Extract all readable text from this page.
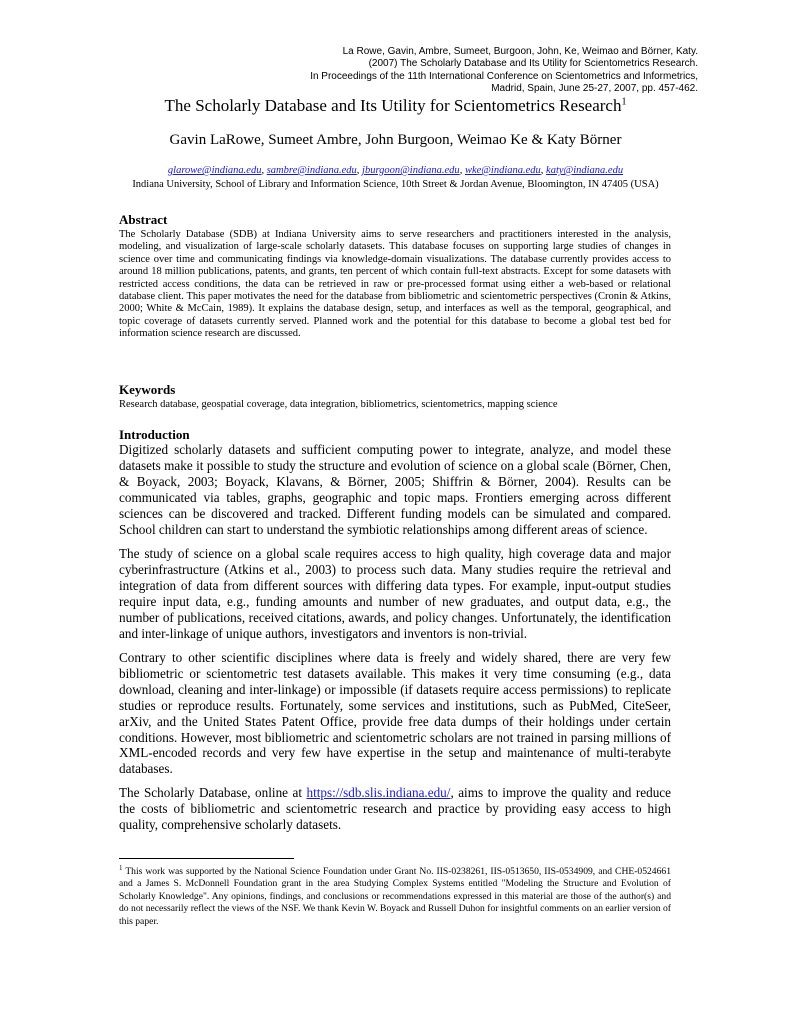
La Rowe, Gavin, Ambre, Sumeet, Burgoon, John, Ke, Weimao and Börner, Katy.
(2007) The Scholarly Database and Its Utility for Scientometrics Research.
In Proceedings of the 11th International Conference on Scientometrics and Informetrics,
Madrid, Spain, June 25-27, 2007, pp. 457-462.
The Scholarly Database and Its Utility for Scientometrics Research$^1$
Gavin LaRowe, Sumeet Ambre, John Burgoon, Weimao Ke & Katy Börner
glarowe@indiana.edu, sambre@indiana.edu, jburgoon@indiana.edu, wke@indiana.edu, katy@indiana.edu
Indiana University, School of Library and Information Science, 10th Street & Jordan Avenue, Bloomington, IN 47405 (USA)
Abstract
The Scholarly Database (SDB) at Indiana University aims to serve researchers and practitioners interested in the analysis, modeling, and visualization of large-scale scholarly datasets. This database focuses on supporting large studies of changes in science over time and communicating findings via knowledge-domain visualizations. The database currently provides access to around 18 million publications, patents, and grants, ten percent of which contain full-text abstracts. Except for some datasets with restricted access conditions, the data can be retrieved in raw or pre-processed format using either a web-based or relational database client. This paper motivates the need for the database from bibliometric and scientometric perspectives (Cronin & Atkins, 2000; White & McCain, 1989). It explains the database design, setup, and interfaces as well as the temporal, geographical, and topic coverage of datasets currently served. Planned work and the potential for this database to become a global test bed for information science research are discussed.
Keywords
Research database, geospatial coverage, data integration, bibliometrics, scientometrics, mapping science
Introduction
Digitized scholarly datasets and sufficient computing power to integrate, analyze, and model these datasets make it possible to study the structure and evolution of science on a global scale (Börner, Chen, & Boyack, 2003; Boyack, Klavans, & Börner, 2005; Shiffrin & Börner, 2004). Results can be communicated via tables, graphs, geographic and topic maps. Frontiers emerging across different sciences can be discovered and tracked. Different funding models can be simulated and compared. School children can start to understand the symbiotic relationships among different areas of science.
The study of science on a global scale requires access to high quality, high coverage data and major cyberinfrastructure (Atkins et al., 2003) to process such data. Many studies require the retrieval and integration of data from different sources with differing data types. For example, input-output studies require input data, e.g., funding amounts and number of new graduates, and output data, e.g., the number of publications, received citations, awards, and policy changes. Unfortunately, the identification and inter-linkage of unique authors, investigators and inventors is non-trivial.
Contrary to other scientific disciplines where data is freely and widely shared, there are very few bibliometric or scientometric test datasets available. This makes it very time consuming (e.g., data download, cleaning and inter-linkage) or impossible (if datasets require access permissions) to replicate studies or reproduce results. Fortunately, some services and institutions, such as PubMed, CiteSeer, arXiv, and the United States Patent Office, provide free data dumps of their holdings under certain conditions. However, most bibliometric and scientometric scholars are not trained in parsing millions of XML-encoded records and very few have expertise in the setup and maintenance of multi-terabyte databases.
The Scholarly Database, online at https://sdb.slis.indiana.edu/, aims to improve the quality and reduce the costs of bibliometric and scientometric research and practice by providing easy access to high quality, comprehensive scholarly datasets.
$^1$ This work was supported by the National Science Foundation under Grant No. IIS-0238261, IIS-0513650, IIS-0534909, and CHE-0524661 and a James S. McDonnell Foundation grant in the area Studying Complex Systems entitled "Modeling the Structure and Evolution of Scholarly Knowledge". Any opinions, findings, and conclusions or recommendations expressed in this material are those of the author(s) and do not necessarily reflect the views of the NSF. We thank Kevin W. Boyack and Russell Duhon for insightful comments on an earlier version of this paper.
